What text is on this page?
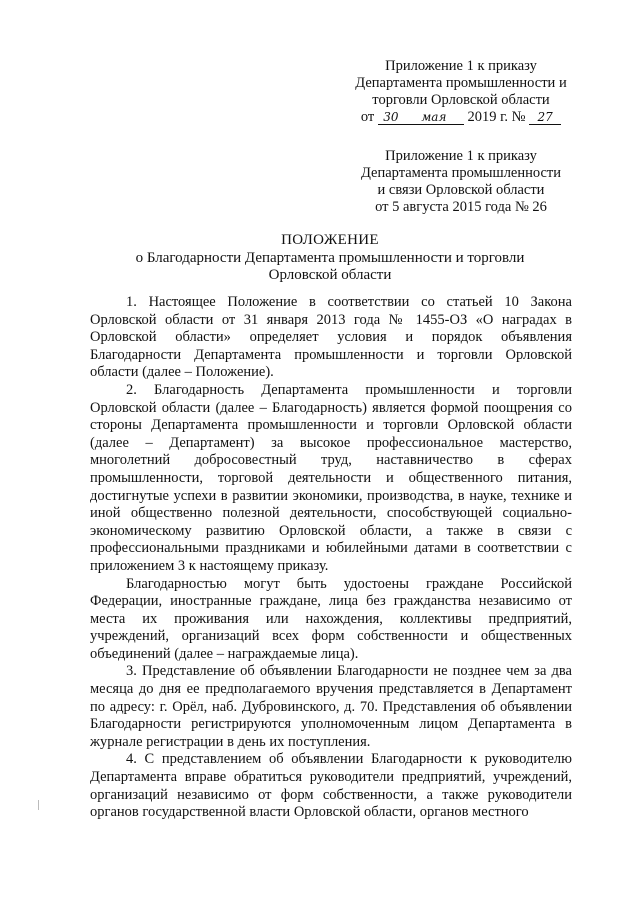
Приложение 1 к приказу
Департамента промышленности и
торговли Орловской области
от 30 мая 2019 г. № 27
Приложение 1 к приказу
Департамента промышленности
и связи Орловской области
от 5 августа 2015 года № 26
ПОЛОЖЕНИЕ
о Благодарности Департамента промышленности и торговли
Орловской области

1. Настоящее Положение в соответствии со статьей 10 Закона Орловской области от 31 января 2013 года № 1455-ОЗ «О наградах в Орловской области» определяет условия и порядок объявления Благодарности Департамента промышленности и торговли Орловской области (далее – Положение).

2. Благодарность Департамента промышленности и торговли Орловской области (далее – Благодарность) является формой поощрения со стороны Департамента промышленности и торговли Орловской области (далее – Департамент) за высокое профессиональное мастерство, многолетний добросовестный труд, наставничество в сферах промышленности, торговой деятельности и общественного питания, достигнутые успехи в развитии экономики, производства, в науке, технике и иной общественно полезной деятельности, способствующей социально-экономическому развитию Орловской области, а также в связи с профессиональными праздниками и юбилейными датами в соответствии с приложением 3 к настоящему приказу.

Благодарностью могут быть удостоены граждане Российской Федерации, иностранные граждане, лица без гражданства независимо от места их проживания или нахождения, коллективы предприятий, учреждений, организаций всех форм собственности и общественных объединений (далее – награждаемые лица).

3. Представление об объявлении Благодарности не позднее чем за два месяца до дня ее предполагаемого вручения представляется в Департамент по адресу: г. Орёл, наб. Дубровинского, д. 70. Представления об объявлении Благодарности регистрируются уполномоченным лицом Департамента в журнале регистрации в день их поступления.

4. С представлением об объявлении Благодарности к руководителю Департамента вправе обратиться руководители предприятий, учреждений, организаций независимо от форм собственности, а также руководители органов государственной власти Орловской области, органов местного
